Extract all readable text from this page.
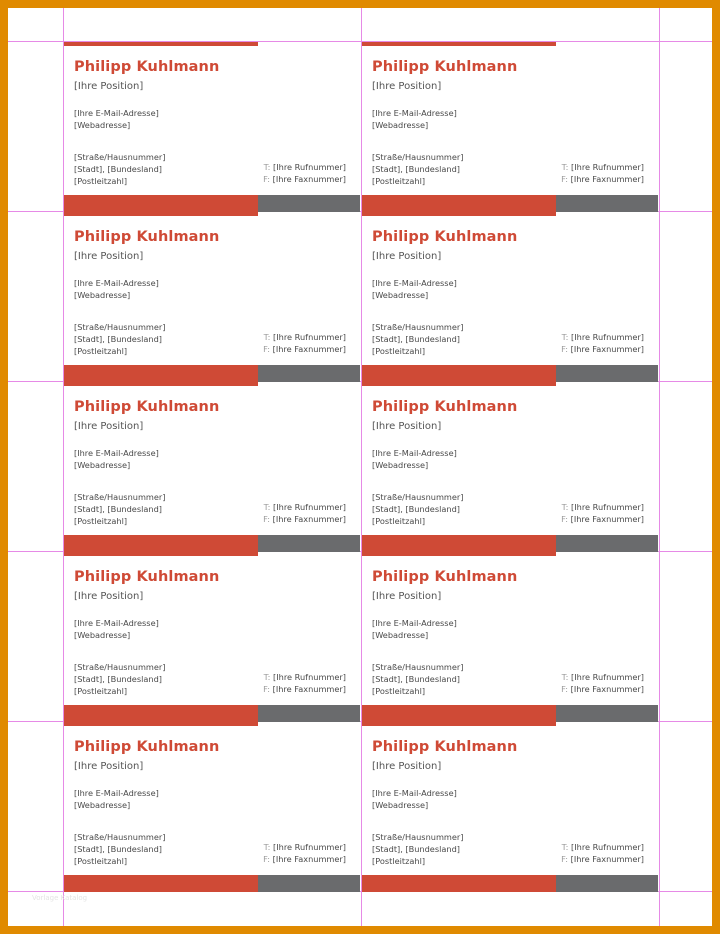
Philipp Kuhlmann
[Ihre Position]
[Ihre E-Mail-Adresse]
[Webadresse]
[Straße/Hausnummer]
[Stadt], [Bundesland]
[Postleitzahl]
T: [Ihre Rufnummer]
F: [Ihre Faxnummer]
Philipp Kuhlmann
[Ihre Position]
[Ihre E-Mail-Adresse]
[Webadresse]
[Straße/Hausnummer]
[Stadt], [Bundesland]
[Postleitzahl]
T: [Ihre Rufnummer]
F: [Ihre Faxnummer]
Philipp Kuhlmann
[Ihre Position]
[Ihre E-Mail-Adresse]
[Webadresse]
[Straße/Hausnummer]
[Stadt], [Bundesland]
[Postleitzahl]
T: [Ihre Rufnummer]
F: [Ihre Faxnummer]
Philipp Kuhlmann
[Ihre Position]
[Ihre E-Mail-Adresse]
[Webadresse]
[Straße/Hausnummer]
[Stadt], [Bundesland]
[Postleitzahl]
T: [Ihre Rufnummer]
F: [Ihre Faxnummer]
Philipp Kuhlmann
[Ihre Position]
[Ihre E-Mail-Adresse]
[Webadresse]
[Straße/Hausnummer]
[Stadt], [Bundesland]
[Postleitzahl]
T: [Ihre Rufnummer]
F: [Ihre Faxnummer]
Philipp Kuhlmann
[Ihre Position]
[Ihre E-Mail-Adresse]
[Webadresse]
[Straße/Hausnummer]
[Stadt], [Bundesland]
[Postleitzahl]
T: [Ihre Rufnummer]
F: [Ihre Faxnummer]
Philipp Kuhlmann
[Ihre Position]
[Ihre E-Mail-Adresse]
[Webadresse]
[Straße/Hausnummer]
[Stadt], [Bundesland]
[Postleitzahl]
T: [Ihre Rufnummer]
F: [Ihre Faxnummer]
Philipp Kuhlmann
[Ihre Position]
[Ihre E-Mail-Adresse]
[Webadresse]
[Straße/Hausnummer]
[Stadt], [Bundesland]
[Postleitzahl]
T: [Ihre Rufnummer]
F: [Ihre Faxnummer]
Philipp Kuhlmann
[Ihre Position]
[Ihre E-Mail-Adresse]
[Webadresse]
[Straße/Hausnummer]
[Stadt], [Bundesland]
[Postleitzahl]
T: [Ihre Rufnummer]
F: [Ihre Faxnummer]
Philipp Kuhlmann
[Ihre Position]
[Ihre E-Mail-Adresse]
[Webadresse]
[Straße/Hausnummer]
[Stadt], [Bundesland]
[Postleitzahl]
T: [Ihre Rufnummer]
F: [Ihre Faxnummer]
Vorlage Katalog
